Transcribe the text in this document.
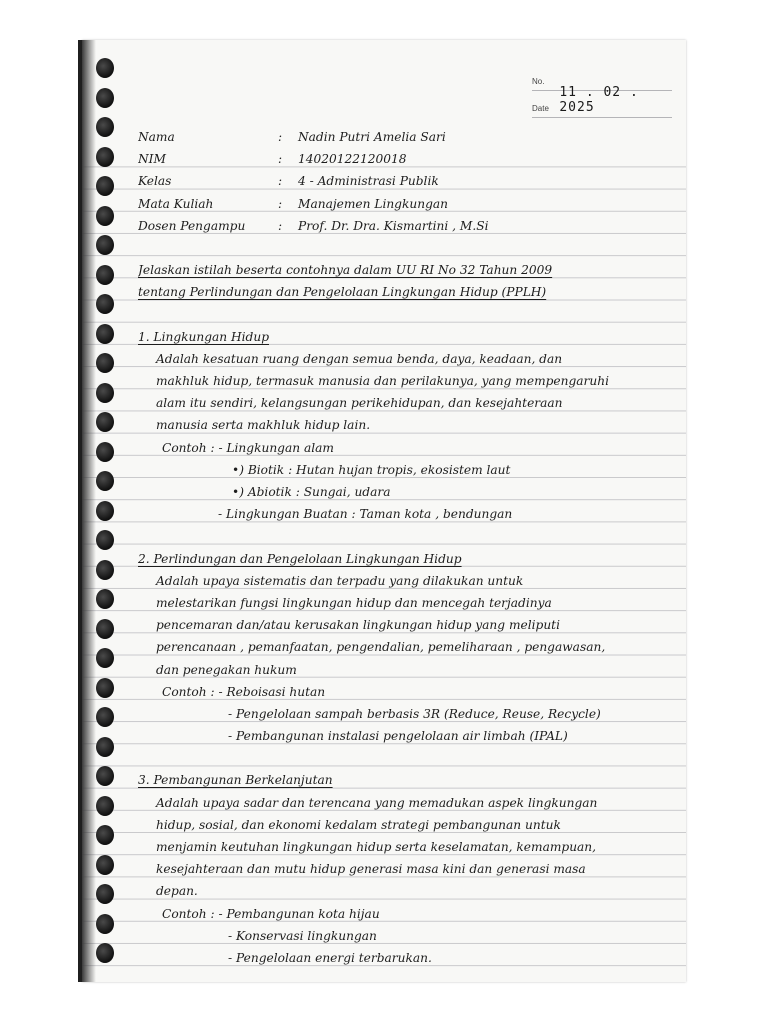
No.
Date
11 . 02 . 2025
Nama	:	Nadin Putri Amelia Sari
NIM	:	14020122120018
Kelas	:	4 - Administrasi Publik
Mata Kuliah	:	Manajemen Lingkungan
Dosen Pengampu	:	Prof. Dr. Dra. Kismartini , M.Si
Jelaskan istilah beserta contohnya dalam UU RI No 32 Tahun 2009
tentang Perlindungan dan Pengelolaan Lingkungan Hidup (PPLH)
1. Lingkungan Hidup
Adalah kesatuan ruang dengan semua benda, daya, keadaan, dan
makhluk hidup, termasuk manusia dan perilakunya, yang mempengaruhi
alam itu sendiri, kelangsungan perikehidupan, dan kesejahteraan
manusia serta makhluk hidup lain.
Contoh : - Lingkungan alam
•) Biotik : Hutan hujan tropis, ekosistem laut
•) Abiotik : Sungai, udara
- Lingkungan Buatan : Taman kota , bendungan
2. Perlindungan dan Pengelolaan Lingkungan Hidup
Adalah upaya sistematis dan terpadu yang dilakukan untuk
melestarikan fungsi lingkungan hidup dan mencegah terjadinya
pencemaran dan/atau kerusakan lingkungan hidup yang meliputi
perencanaan , pemanfaatan, pengendalian, pemeliharaan , pengawasan,
dan penegakan hukum
Contoh : - Reboisasi hutan
- Pengelolaan sampah berbasis 3R (Reduce, Reuse, Recycle)
- Pembangunan instalasi pengelolaan air limbah (IPAL)
3. Pembangunan Berkelanjutan
Adalah upaya sadar dan terencana yang memadukan aspek lingkungan
hidup, sosial, dan ekonomi kedalam strategi pembangunan untuk
menjamin keutuhan lingkungan hidup serta keselamatan, kemampuan,
kesejahteraan dan mutu hidup generasi masa kini dan generasi masa
depan.
Contoh : - Pembangunan kota hijau
- Konservasi lingkungan
- Pengelolaan energi terbarukan.
